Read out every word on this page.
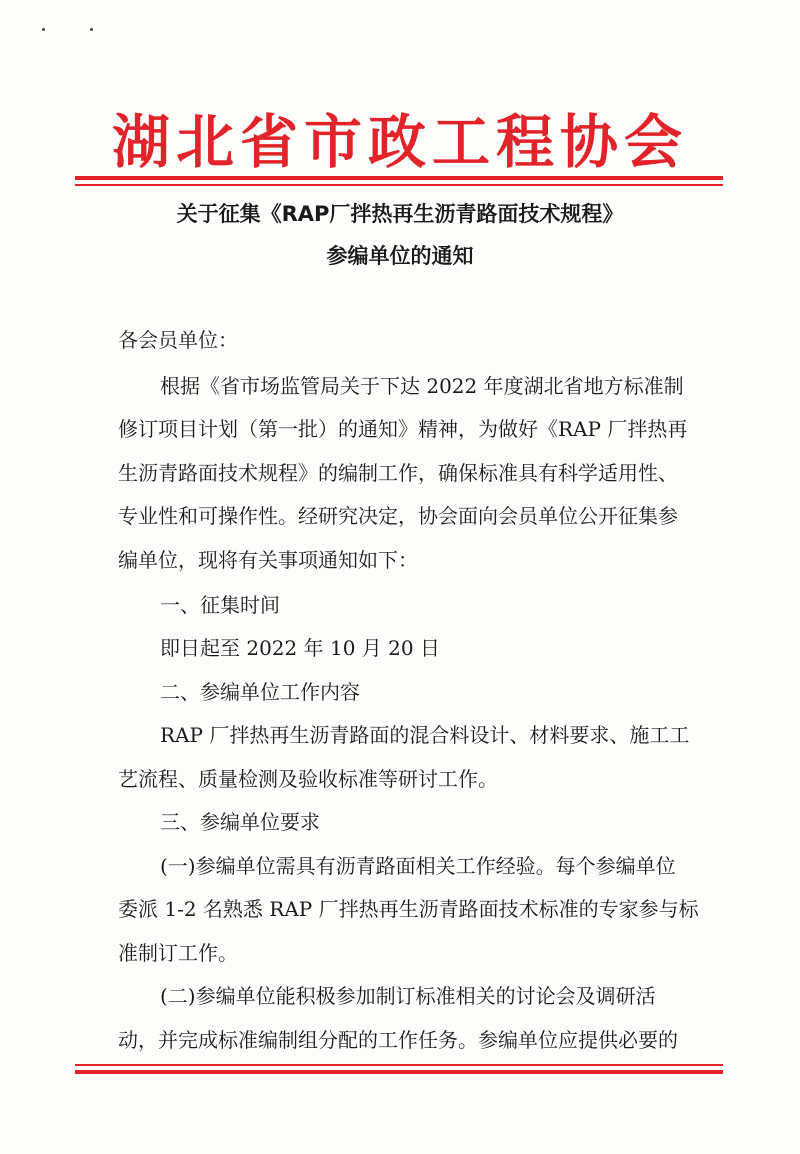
湖北省市政工程协会
关于征集《RAP厂拌热再生沥青路面技术规程》
参编单位的通知
各会员单位：
根据《省市场监管局关于下达 2022 年度湖北省地方标准制
修订项目计划（第一批）的通知》精神，为做好《RAP 厂拌热再
生沥青路面技术规程》的编制工作，确保标准具有科学适用性、
专业性和可操作性。经研究决定，协会面向会员单位公开征集参
编单位，现将有关事项通知如下：
一、征集时间
即日起至 2022 年 10 月 20 日
二、参编单位工作内容
RAP 厂拌热再生沥青路面的混合料设计、材料要求、施工工
艺流程、质量检测及验收标准等研讨工作。
三、参编单位要求
(一)参编单位需具有沥青路面相关工作经验。每个参编单位
委派 1-2 名熟悉 RAP 厂拌热再生沥青路面技术标准的专家参与标
准制订工作。
(二)参编单位能积极参加制订标准相关的讨论会及调研活
动，并完成标准编制组分配的工作任务。参编单位应提供必要的
